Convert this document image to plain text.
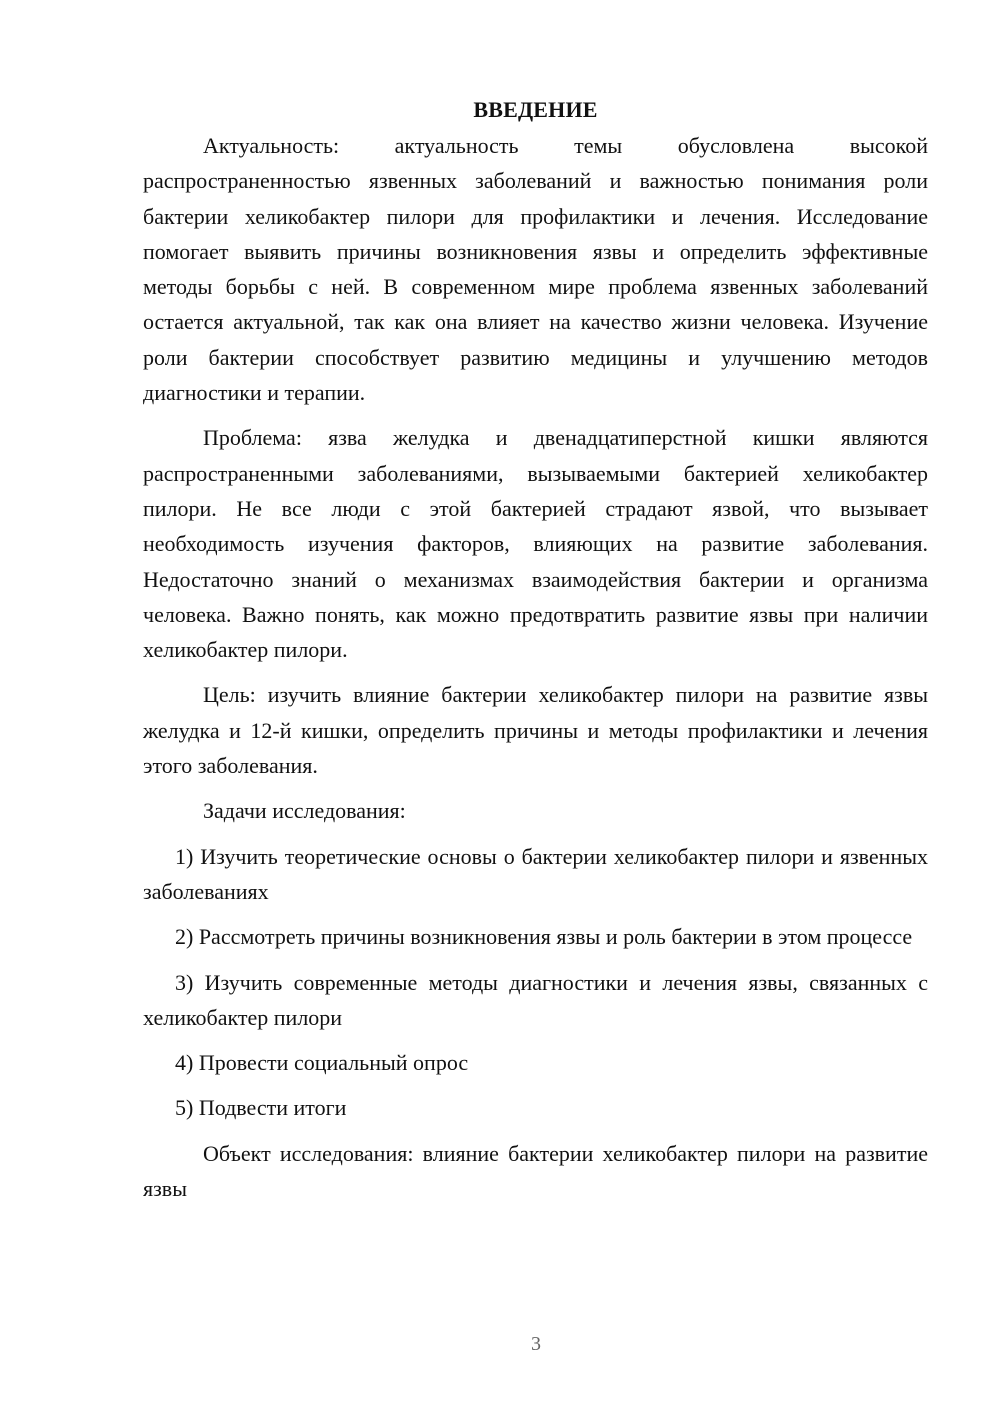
ВВЕДЕНИЕ

Актуальность: актуальность темы обусловлена высокой распространенностью язвенных заболеваний и важностью понимания роли бактерии хеликобактер пилори для профилактики и лечения. Исследование помогает выявить причины возникновения язвы и определить эффективные методы борьбы с ней. В современном мире проблема язвенных заболеваний остается актуальной, так как она влияет на качество жизни человека. Изучение роли бактерии способствует развитию медицины и улучшению методов диагностики и терапии.

Проблема: язва желудка и двенадцатиперстной кишки являются распространенными заболеваниями, вызываемыми бактерией хеликобактер пилори. Не все люди с этой бактерией страдают язвой, что вызывает необходимость изучения факторов, влияющих на развитие заболевания. Недостаточно знаний о механизмах взаимодействия бактерии и организма человека. Важно понять, как можно предотвратить развитие язвы при наличии хеликобактер пилори.

Цель: изучить влияние бактерии хеликобактер пилори на развитие язвы желудка и 12-й кишки, определить причины и методы профилактики и лечения этого заболевания.

Задачи исследования:

1) Изучить теоретические основы о бактерии хеликобактер пилори и язвенных заболеваниях

2) Рассмотреть причины возникновения язвы и роль бактерии в этом процессе

3) Изучить современные методы диагностики и лечения язвы, связанных с хеликобактер пилори

4) Провести социальный опрос

5) Подвести итоги

Объект исследования: влияние бактерии хеликобактер пилори на развитие язвы

3
